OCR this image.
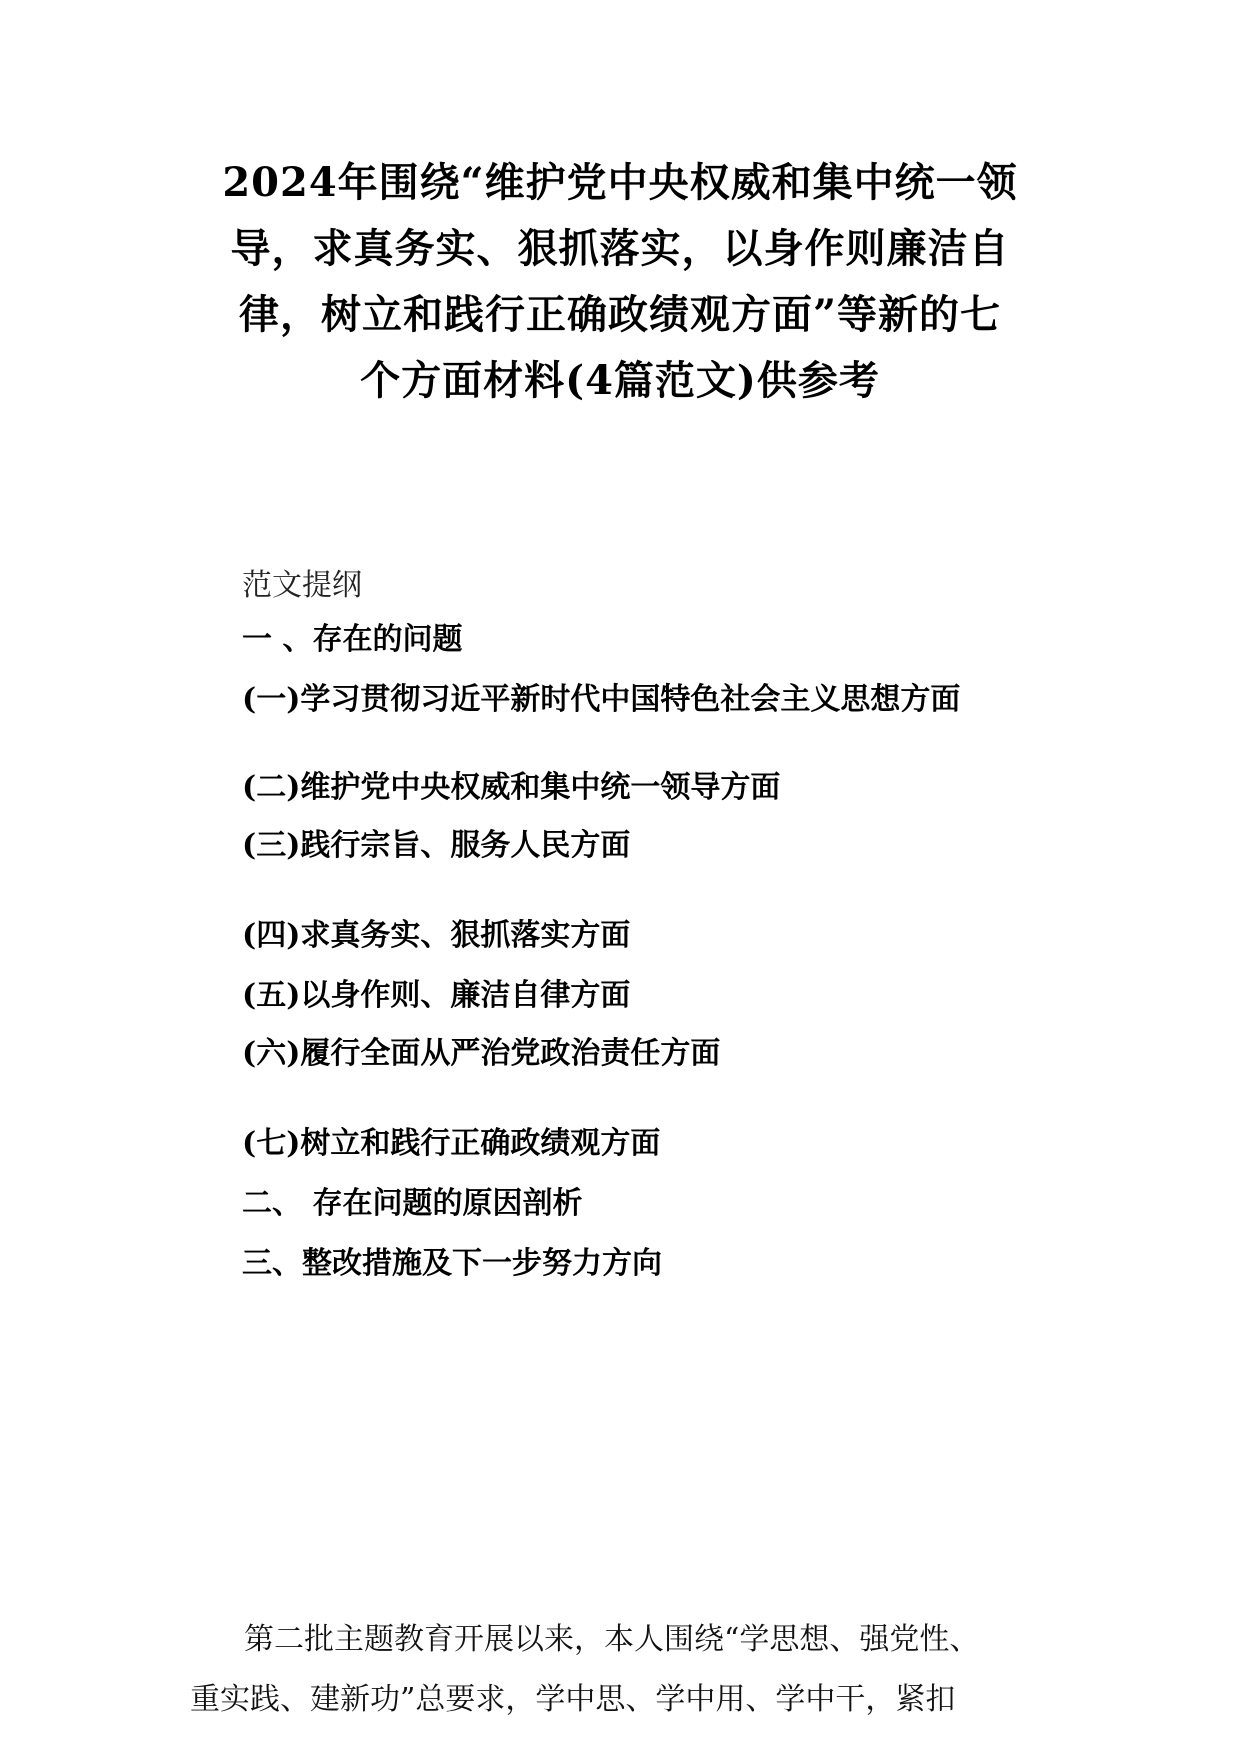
2024年围绕“维护党中央权威和集中统一领
导，求真务实、狠抓落实，以身作则廉洁自
律，树立和践行正确政绩观方面”等新的七
个方面材料(4篇范文)供参考
范文提纲
一 、存在的问题
(一)学习贯彻习近平新时代中国特色社会主义思想方面
(二)维护党中央权威和集中统一领导方面
(三)践行宗旨、服务人民方面
(四)求真务实、狠抓落实方面
(五)以身作则、廉洁自律方面
(六)履行全面从严治党政治责任方面
(七)树立和践行正确政绩观方面
二、 存在问题的原因剖析
三、整改措施及下一步努力方向
第二批主题教育开展以来，本人围绕“学思想、强党性、
重实践、建新功”总要求，学中思、学中用、学中干，紧扣
